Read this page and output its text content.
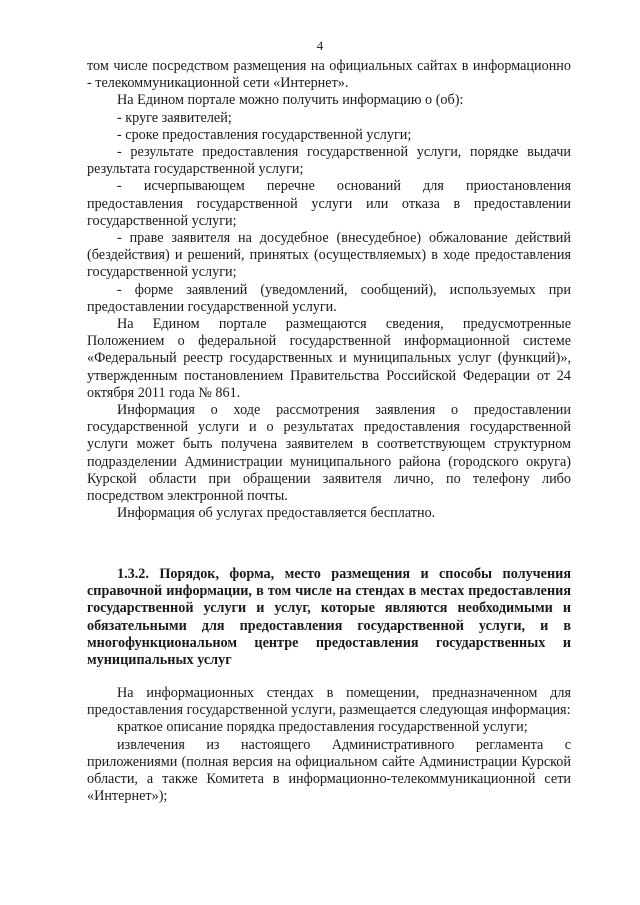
4

том числе посредством размещения на официальных сайтах в информационно - телекоммуникационной сети «Интернет».

На Едином портале можно получить информацию о (об):

- круге заявителей;

- сроке предоставления государственной услуги;

- результате предоставления государственной услуги, порядке выдачи результата государственной услуги;

- исчерпывающем перечне оснований для приостановления предоставления государственной услуги или отказа в предоставлении государственной услуги;

- праве заявителя на досудебное (внесудебное) обжалование действий (бездействия) и решений, принятых (осуществляемых) в ходе предоставления государственной услуги;

- форме заявлений (уведомлений, сообщений), используемых при предоставлении государственной услуги.

На Едином портале размещаются сведения, предусмотренные Положением о федеральной государственной информационной системе «Федеральный реестр государственных и муниципальных услуг (функций)», утвержденным постановлением Правительства Российской Федерации от 24 октября 2011 года № 861.

Информация о ходе рассмотрения заявления о предоставлении государственной услуги и о результатах предоставления государственной услуги может быть получена заявителем в соответствующем структурном подразделении Администрации муниципального района (городского округа) Курской области при обращении заявителя лично, по телефону либо посредством электронной почты.

Информация об услугах предоставляется бесплатно.

1.3.2. Порядок, форма, место размещения и способы получения справочной информации, в том числе на стендах в местах предоставления государственной услуги и услуг, которые являются необходимыми и обязательными для предоставления государственной услуги, и в многофункциональном центре предоставления государственных и муниципальных услуг

На информационных стендах в помещении, предназначенном для предоставления государственной услуги, размещается следующая информация:

краткое описание порядка предоставления государственной услуги;

извлечения из настоящего Административного регламента с приложениями (полная версия на официальном сайте Администрации Курской области, а также Комитета в информационно-телекоммуникационной сети «Интернет»);
